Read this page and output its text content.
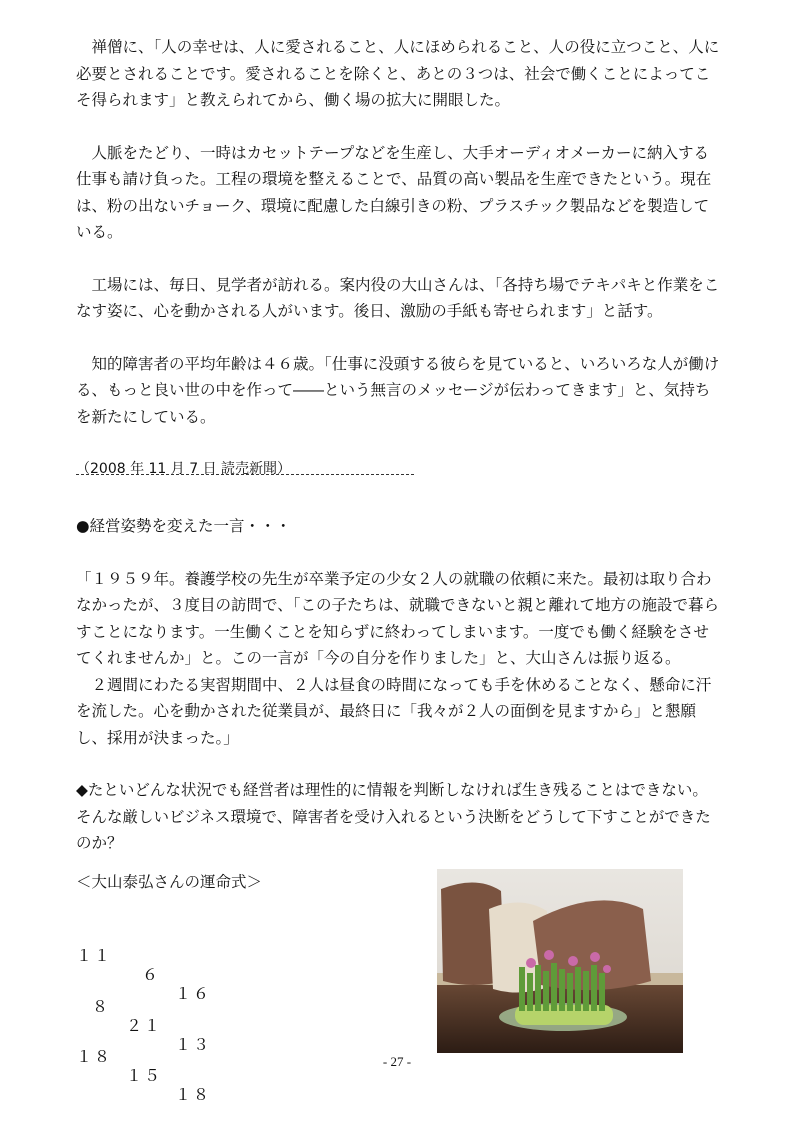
禅僧に、「人の幸せは、人に愛されること、人にほめられること、人の役に立つこと、人に必要とされることです。愛されることを除くと、あとの３つは、社会で働くことによってこそ得られます」と教えられてから、働く場の拡大に開眼した。

人脈をたどり、一時はカセットテープなどを生産し、大手オーディオメーカーに納入する仕事も請け負った。工程の環境を整えることで、品質の高い製品を生産できたという。現在は、粉の出ないチョーク、環境に配慮した白線引きの粉、プラスチック製品などを製造している。

工場には、毎日、見学者が訪れる。案内役の大山さんは、「各持ち場でテキパキと作業をこなす姿に、心を動かされる人がいます。後日、激励の手紙も寄せられます」と話す。

知的障害者の平均年齢は４６歳。「仕事に没頭する彼らを見ていると、いろいろな人が働ける、もっと良い世の中を作って――という無言のメッセージが伝わってきます」と、気持ちを新たにしている。

（2008 年 11 月 7 日 読売新聞）

●経営姿勢を変えた一言・・・

「１９５９年。養護学校の先生が卒業予定の少女２人の就職の依頼に来た。最初は取り合わなかったが、３度目の訪問で、「この子たちは、就職できないと親と離れて地方の施設で暮らすことになります。一生働くことを知らずに終わってしまいます。一度でも働く経験をさせてくれませんか」と。この一言が「今の自分を作りました」と、大山さんは振り返る。

２週間にわたる実習期間中、２人は昼食の時間になっても手を休めることなく、懸命に汗を流した。心を動かされた従業員が、最終日に「我々が２人の面倒を見ますから」と懇願し、採用が決まった。」

◆たといどんな状況でも経営者は理性的に情報を判断しなければ生き残ることはできない。そんな厳しいビジネス環境で、障害者を受け入れるという決断をどうして下すことができたのか？

＜大山泰弘さんの運命式＞

１１

６

１６

８

２１

１３

１８

１５

１８

- 27 -
